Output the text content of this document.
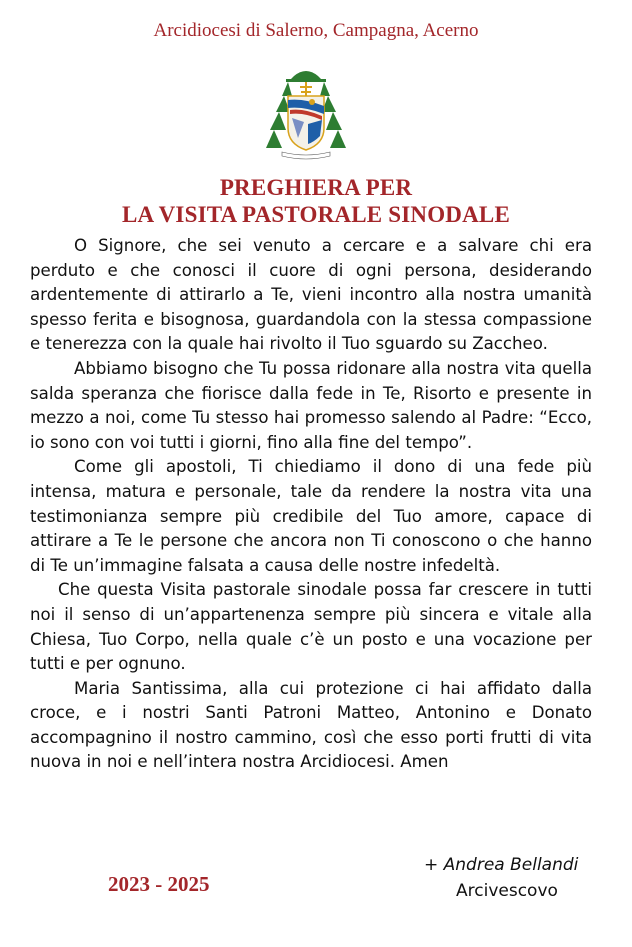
Arcidiocesi di Salerno, Campagna, Acerno
PREGHIERA PER
LA VISITA PASTORALE SINODALE

O Signore, che sei venuto a cercare e a salvare chi era perduto e che conosci il cuore di ogni persona, desiderando ardentemente di attirarlo a Te, vieni incontro alla nostra umanità spesso ferita e bisognosa, guardandola con la stessa compassione e tenerezza con la quale hai rivolto il Tuo sguardo su Zaccheo.

Abbiamo bisogno che Tu possa ridonare alla nostra vita quella salda speranza che fiorisce dalla fede in Te, Risorto e presente in mezzo a noi, come Tu stesso hai promesso salendo al Padre: “Ecco, io sono con voi tutti i giorni, fino alla fine del tempo”.

Come gli apostoli, Ti chiediamo il dono di una fede più intensa, matura e personale, tale da rendere la nostra vita una testimonianza sempre più credibile del Tuo amore, capace di attirare a Te le persone che ancora non Ti conoscono o che hanno di Te un’immagine falsata a causa delle nostre infedeltà.

Che questa Visita pastorale sinodale possa far crescere in tutti noi il senso di un’appartenenza sempre più sincera e vitale alla Chiesa, Tuo Corpo, nella quale c’è un posto e una vocazione per tutti e per ognuno.

Maria Santissima, alla cui protezione ci hai affidato dalla croce, e i nostri Santi Patroni Matteo, Antonino e Donato accompagnino il nostro cammino, così che esso porti frutti di vita nuova in noi e nell’intera nostra Arcidiocesi. Amen

2023 - 2025
+ Andrea Bellandi
Arcivescovo
